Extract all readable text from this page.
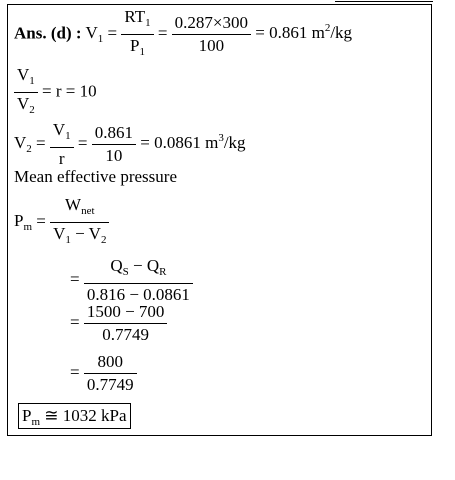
Ans. (d) : $V_1 = \frac{RT_1}{P_1} = \frac{0.287\times 300}{100} = 0.861$ $m^2/kg$
$\frac{V_1}{V_2} = r = 10$
$V_2 = \frac{V_1}{r} = \frac{0.861}{10} = 0.0861$ $m^3/kg$
Mean effective pressure
$P_m = \frac{W_{net}}{V_1 - V_2}$
= $\frac{Q_S - Q_R}{0.816 - 0.0861}$
= $\frac{1500 - 700}{0.7749}$
= $\frac{800}{0.7749}$
$P_m$ ≅ 1032 kPa
